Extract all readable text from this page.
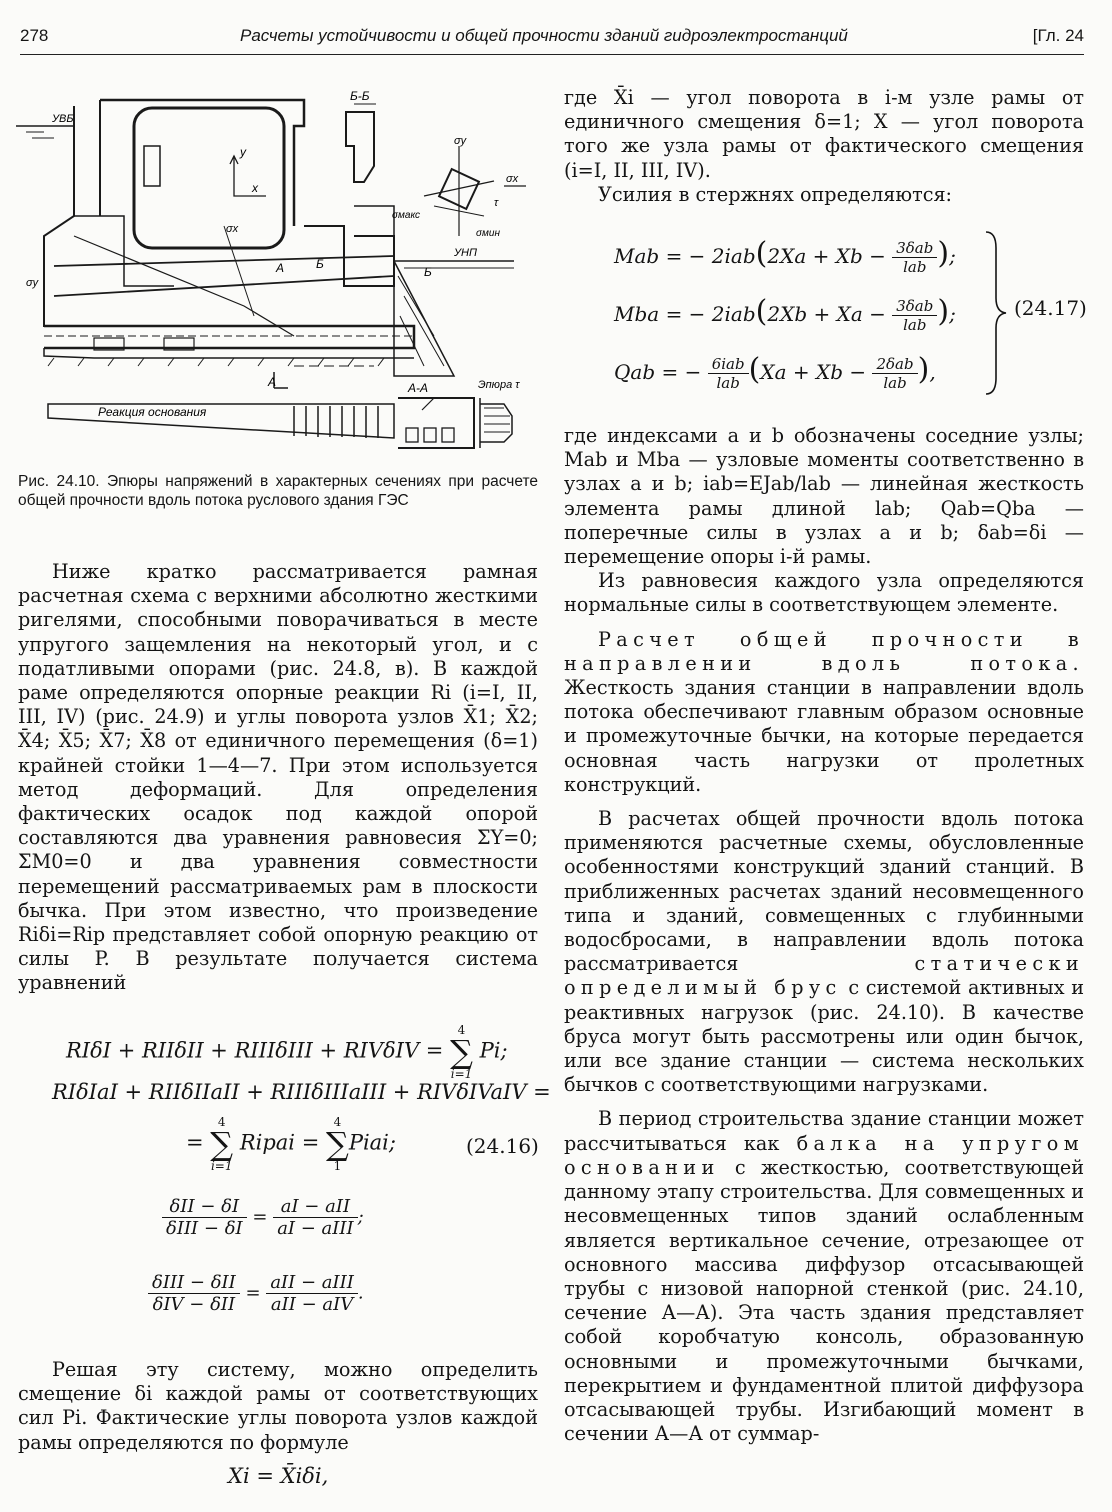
278	Расчеты устойчивости и общей прочности зданий гидроэлектростанций	[Гл. 24
УВБ
Б-Б
y
x
σy
σx
σмакс
σмин
σx
τ
УНП
Б
Б
А
σy
А	А-А	Эпюра τ
Реакция основания
Рис. 24.10. Эпюры напряжений в характерных сечениях при расчете общей прочности вдоль потока руслового здания ГЭС

Ниже кратко рассматривается рамная расчетная схема с верхними абсолютно жесткими ригелями, способными поворачиваться в месте упругого защемления на некоторый угол, и с податливыми опорами (рис. 24.8, в). В каждой раме определяются опорные реакции Ri (i=I, II, III, IV) (рис. 24.9) и углы поворота узлов X̄1; X̄2; X̄4; X̄5; X̄7; X̄8 от единичного перемещения (δ=1) крайней стойки 1—4—7. При этом используется метод деформаций. Для определения фактических осадок под каждой опорой составляются два уравнения равновесия ΣY=0; ΣM0=0 и два уравнения совместности перемещений рассматриваемых рам в плоскости бычка. При этом известно, что произведение Riδi=Rip представляет собой опорную реакцию от силы P. В результате получается система уравнений

RIδI + RIIδII + RIIIδIII + RIVδIV =
4
∑
i=1
Pi;
RIδIaI + RIIδIIaII + RIIIδIIIaIII + RIVδIVaIV =
=
4
∑
i=1
Ripai =
4
∑
1
Piai;	(24.16)
$\frac{\text{δII − δI}}{\text{δIII − δI}} = \frac{\text{aI − aII}}{\text{aI − aIII}}$ ;
$\frac{\text{δIII − δII}}{\text{δIV − δII}} = \frac{\text{aII − aIII}}{\text{aII − aIV}}$ .

Решая эту систему, можно определить смещение δi каждой рамы от соответствующих сил Pi. Фактические углы поворота узлов каждой рамы определяются по формуле

Xi = X̄iδi,

где X̄i — угол поворота в i-м узле рамы от единичного смещения δ=1; X — угол поворота того же узла рамы от фактического смещения (i=I, II, III, IV).

Усилия в стержнях определяются:

Mab = − $2iab(2Xa + Xb - \frac{\text{3δab}}{\text{lab}}$ );
Mba = − $2iab(2Xb + Xa - \frac{\text{3δab}}{\text{lab}}$ );
Qab = − $\frac{\text{6iab}}{\text{lab}} (Xa + Xb - \frac{\text{2δab}}{\text{lab}}$ ),
(24.17)

где индексами a и b обозначены соседние узлы; Mab и Mba — узловые моменты соответственно в узлах a и b; iab=EJab/lab — линейная жесткость элемента рамы длиной lab; Qab=Qba — поперечные силы в узлах a и b; δab=δi — перемещение опоры i-й рамы.

Из равновесия каждого узла определяются нормальные силы в соответствующем элементе.

Расчет общей прочности в направлении вдоль потока. Жесткость здания станции в направлении вдоль потока обеспечивают главным образом основные и промежуточные бычки, на которые передается основная часть нагрузки от пролетных конструкций.

В расчетах общей прочности вдоль потока применяются расчетные схемы, обусловленные особенностями конструкций зданий станций. В приближенных расчетах зданий несовмещенного типа и зданий, совмещенных с глубинными водосбросами, в направлении вдоль потока рассматривается статически определимый брус с системой активных и реактивных нагрузок (рис. 24.10). В качестве бруса могут быть рассмотрены или один бычок, или все здание станции — система нескольких бычков с соответствующими нагрузками.

В период строительства здание станции может рассчитываться как балка на упругом основании с жесткостью, соответствующей данному этапу строительства. Для совмещенных и несовмещенных типов зданий ослабленным является вертикальное сечение, отрезающее от основного массива диффузор отсасывающей трубы с низовой напорной стенкой (рис. 24.10, сечение А—А). Эта часть здания представляет собой коробчатую консоль, образованную основными и промежуточными бычками, перекрытием и фундаментной плитой диффузора отсасывающей трубы. Изгибающий момент в сечении А—А от суммар-
